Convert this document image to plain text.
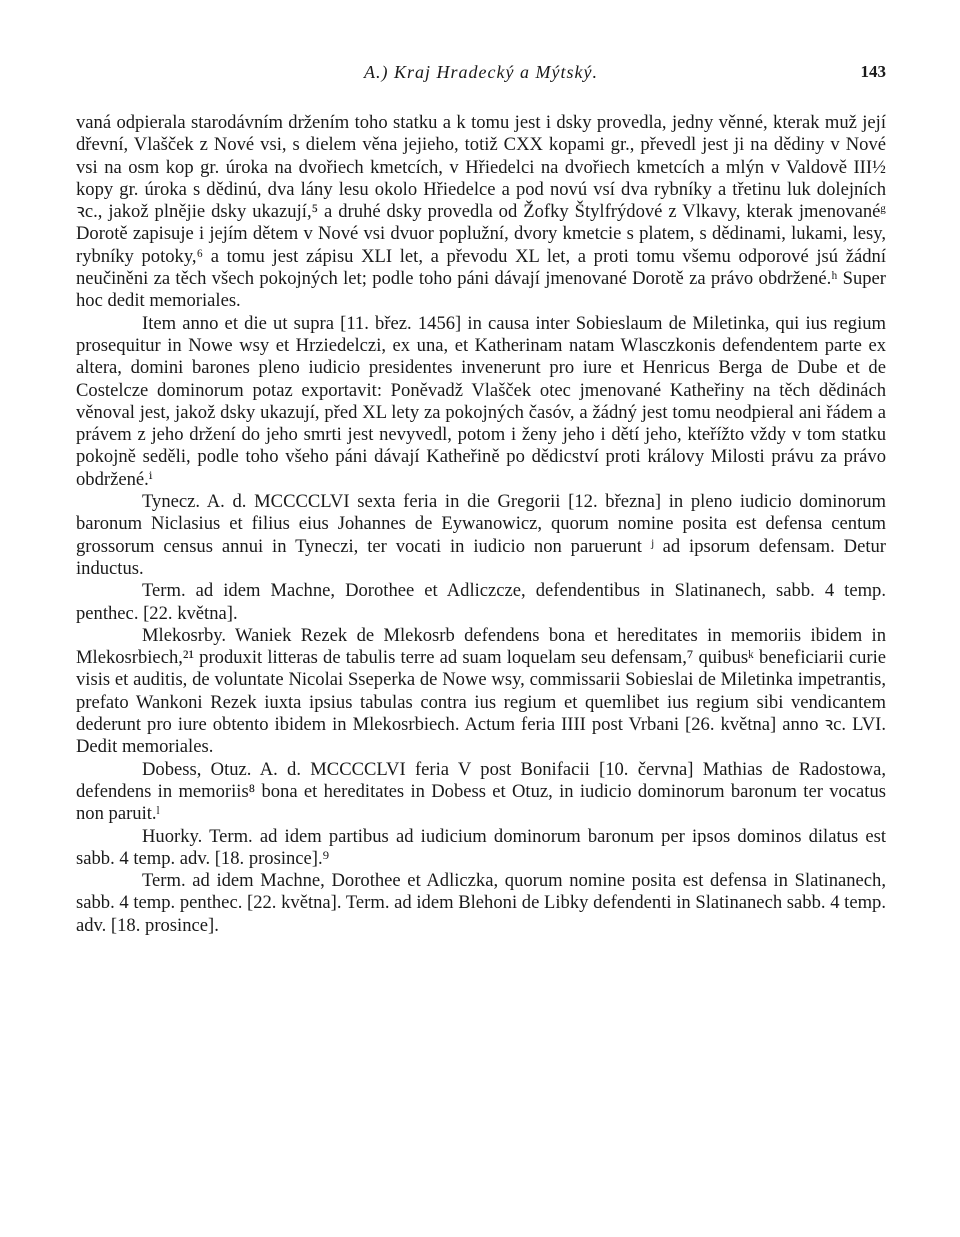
A.) Kraj Hradecký a Mýtský.	143

vaná odpierala starodávním držením toho statku a k tomu jest i dsky provedla, jedny věnné, kterak muž její dřevní, Vlašček z Nové vsi, s dielem věna jejieho, totiž CXX kopami gr., převedl jest ji na dědiny v Nové vsi na osm kop gr. úroka na dvořiech kmetcích, v Hřiedelci na dvořiech kmetcích a mlýn v Valdově III½ kopy gr. úroka s dědinú, dva lány lesu okolo Hřiedelce a pod novú vsí dva rybníky a třetinu luk dolejních ꝛc., jakož plnějie dsky ukazují,⁵ a druhé dsky provedla od Žofky Štylfrýdové z Vlkavy, kterak jmenovanéᵍ Dorotě zapisuje i jejím dětem v Nové vsi dvuor poplužní, dvory kmetcie s platem, s dědinami, lukami, lesy, rybníky potoky,⁶ a tomu jest zápisu XLI let, a převodu XL let, a proti tomu všemu odporové jsú žádní neučiněni za těch všech pokojných let; podle toho páni dávají jmenované Dorotě za právo obdržené.ʰ Super hoc dedit memoriales.

Item anno et die ut supra [11. břez. 1456] in causa inter Sobieslaum de Miletinka, qui ius regium prosequitur in Nowe wsy et Hrziedelczi, ex una, et Katherinam natam Wlasczkonis defendentem parte ex altera, domini barones pleno iudicio presidentes invenerunt pro iure et Henricus Berga de Dube et de Costelcze dominorum potaz exportavit: Poněvadž Vlašček otec jmenované Kathеřiny na těch dědinách věnoval jest, jakož dsky ukazují, před XL lety za pokojných časóv, a žádný jest tomu neodpieral ani řádem a právem z jeho držení do jeho smrti jest nevyvedl, potom i ženy jeho i dětí jeho, kteřížto vždy v tom statku pokojně seděli, podle toho všeho páni dávají Katheřině po dědicství proti královy Milosti právu za právo obdržené.ⁱ

Tynecz. A. d. MCCCCLVI sexta feria in die Gregorii [12. března] in pleno iudicio dominorum baronum Niclasius et filius eius Johannes de Eywanowicz, quorum nomine posita est defensa centum grossorum census annui in Tyneczi, ter vocati in iudicio non paruerunt ʲ ad ipsorum defensam. Detur inductus.

Term. ad idem Machne, Dorothee et Adliczcze, defendentibus in Slatinanech, sabb. 4 temp. penthec. [22. května].

Mlekosrby. Waniek Rezek de Mlekosrb defendens bona et hereditates in memoriis ibidem in Mlekosrbiech,²¹ produxit litteras de tabulis terre ad suam loquelam seu defensam,⁷ quibusᵏ beneficiarii curie visis et auditis, de voluntate Nicolai Sseperka de Nowe wsy, commissarii Sobieslai de Miletinka impetrantis, prefato Wankoni Rezek iuxta ipsius tabulas contra ius regium et quemlibet ius regium sibi vendicantem dederunt pro iure obtento ibidem in Mlekosrbiech. Actum feria IIII post Vrbani [26. května] anno ꝛc. LVI. Dedit memoriales.

Dobess, Otuz. A. d. MCCCCLVI feria V post Bonifacii [10. června] Mathias de Radostowa, defendens in memoriis⁸ bona et hereditates in Dobess et Otuz, in iudicio dominorum baronum ter vocatus non paruit.ˡ

Huorky. Term. ad idem partibus ad iudicium dominorum baronum per ipsos dominos dilatus est sabb. 4 temp. adv. [18. prosince].⁹

Term. ad idem Machne, Dorothee et Adliczka, quorum nomine posita est defensa in Slatinanech, sabb. 4 temp. penthec. [22. května]. Term. ad idem Blehoni de Libky defendenti in Slatinanech sabb. 4 temp. adv. [18. prosince].
